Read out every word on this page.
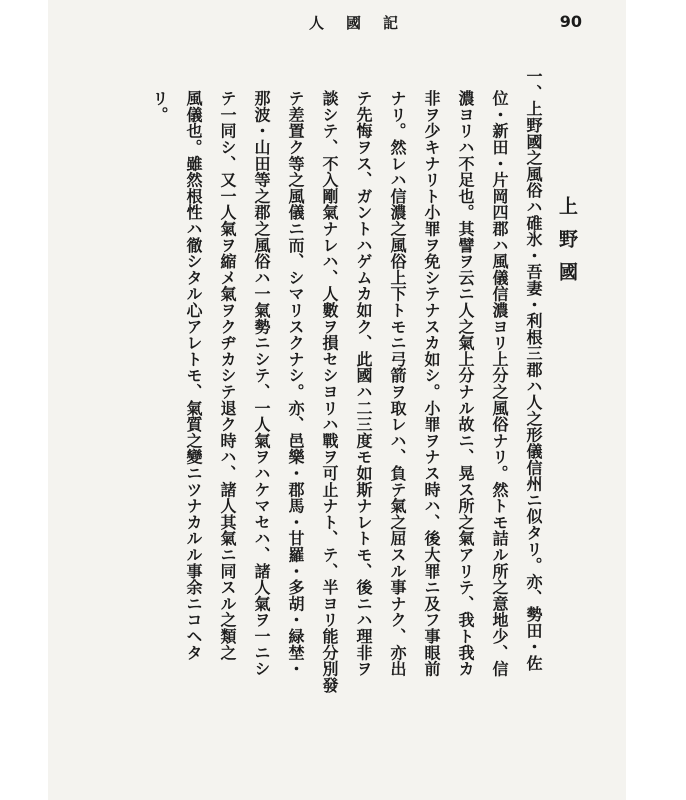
人國記	90
上野國
一、上野國之風俗ハ碓氷・吾妻・利根三郡ハ人之形儀信州ニ似タリ。亦、勢田・佐
位・新田・片岡四郡ハ風儀信濃ヨリ上分之風俗ナリ。然トモ詰ル所之意地少、信
濃ヨリハ不足也。其譬ヲ云ニ人之氣上分ナル故ニ、晃ス所之氣アリテ、我ト我カ
非ヲ少キナリト小罪ヲ免シテナスカ如シ。小罪ヲナス時ハ、後大罪ニ及フ事眼前
ナリ。然レハ信濃之風俗上下トモニ弓箭ヲ取レハ、負テ氣之屈スル事ナク、亦出
テ先悔ヲス、ガントハゲムカ如ク、此國ハ二三度モ如斯ナレトモ、後ニハ理非ヲ
談シテ、不入剛氣ナレハ、人數ヲ損セシヨリハ戰ヲ可止ナト、テ、半ヨリ能分別發
テ差置ク等之風儀ニ而、シマリスクナシ。亦、邑樂・郡馬・甘羅・多胡・緑埜・
那波・山田等之郡之風俗ハ一氣勢ニシテ、一人氣ヲハケマセハ、諸人氣ヲ一ニシ
テ一同シ、又一人氣ヲ縮メ氣ヲクヂカシテ退ク時ハ、諸人其氣ニ同スル之類之
風儀也。雖然根性ハ徹シタル心アレトモ、氣質之變ニツナカルル事余ニコヘタ
リ。
